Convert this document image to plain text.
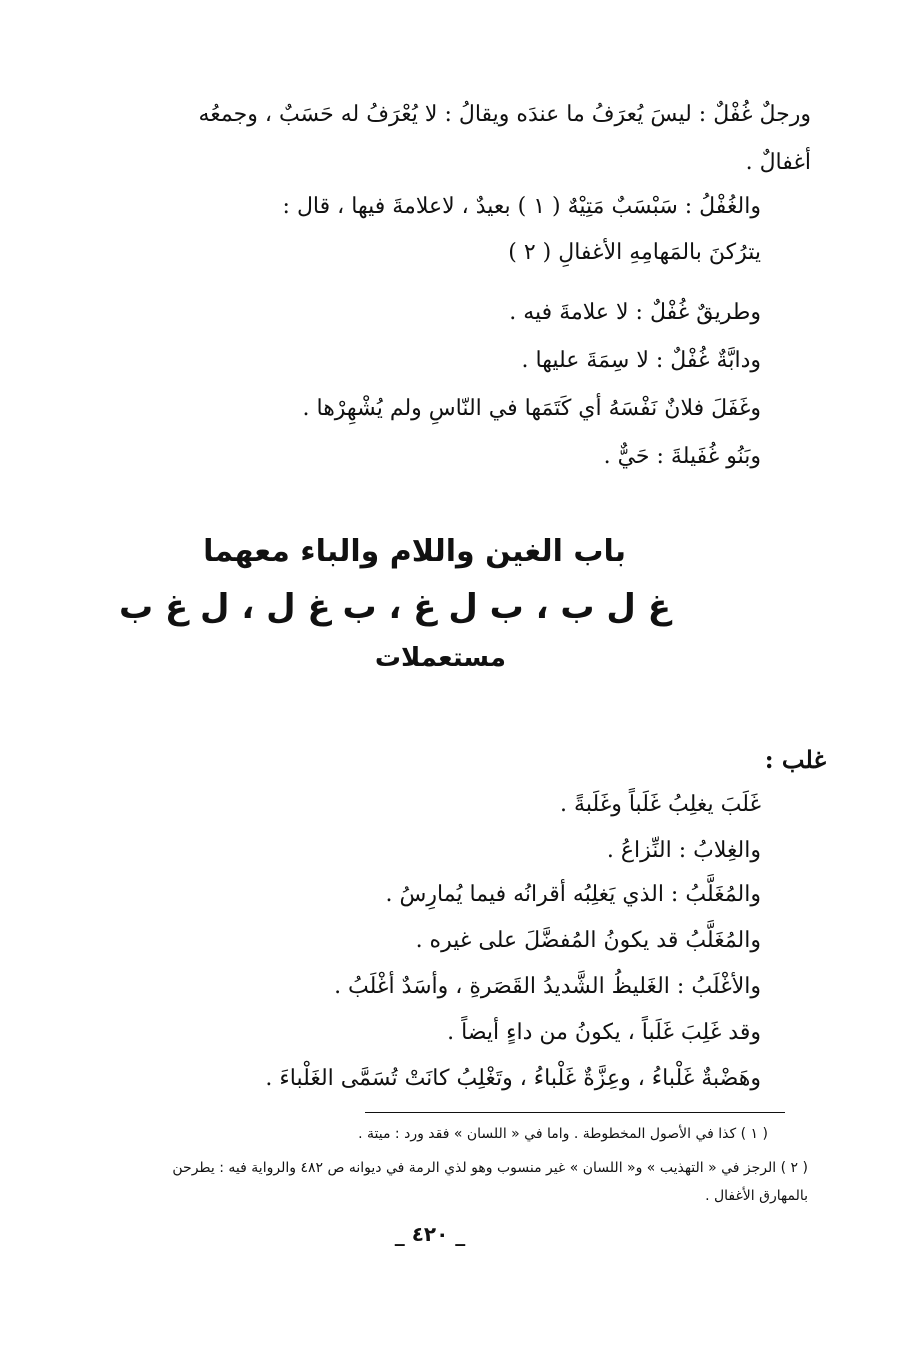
ورجلٌ غُفْلٌ : ليسَ يُعرَفُ ما عندَه ويقالُ : لا يُعْرَفُ له حَسَبٌ ، وجمعُه
أغفالٌ .
والغُفْلُ : سَبْسَبٌ مَتِيْهٌ ( ١ ) بعيدٌ ، لاعلامةَ فيها ، قال :
يترُكنَ بالمَهامِهِ الأغفالِ ( ٢ )
وطريقٌ غُفْلٌ : لا علامةَ فيه .
ودابَّةٌ غُفْلٌ : لا سِمَةَ عليها .
وغَفَلَ فلانٌ نَفْسَهُ أي كَتَمَها في النّاسِ ولم يُشْهِرْها .
وبَنُو غُفَيلةَ : حَيٌّ .
باب الغين واللام والباء معهما
غ ل ب ، ب ل غ ، ب غ ل ، ل غ ب
مستعملات
غلب :
غَلَبَ يغلِبُ غَلَباً وغَلَبةً .
والغِلابُ : النِّزاعُ .
والمُغَلَّبُ : الذي يَغلِبُه أقرانُه فيما يُمارِسُ .
والمُغَلَّبُ قد يكونُ المُفضَّلَ على غيره .
والأغْلَبُ : الغَليظُ الشَّديدُ القَصَرةِ ، وأسَدٌ أغْلَبُ .
وقد غَلِبَ غَلَباً ، يكونُ من داءٍ أيضاً .
وهَضْبةٌ غَلْباءُ ، وعِزَّةٌ غَلْباءُ ، وتَغْلِبُ كانَتْ تُسَمَّى الغَلْباءَ .
( ١ ) كذا في الأصول المخطوطة . واما في « اللسان » فقد ورد : ميتة .
( ٢ ) الرجز في « التهذيب » و« اللسان » غير منسوب وهو لذي الرمة في ديوانه ص ٤٨٢ والرواية فيه : يطرحن
بالمهارق الأغفال .
_ ٤٢٠ _
